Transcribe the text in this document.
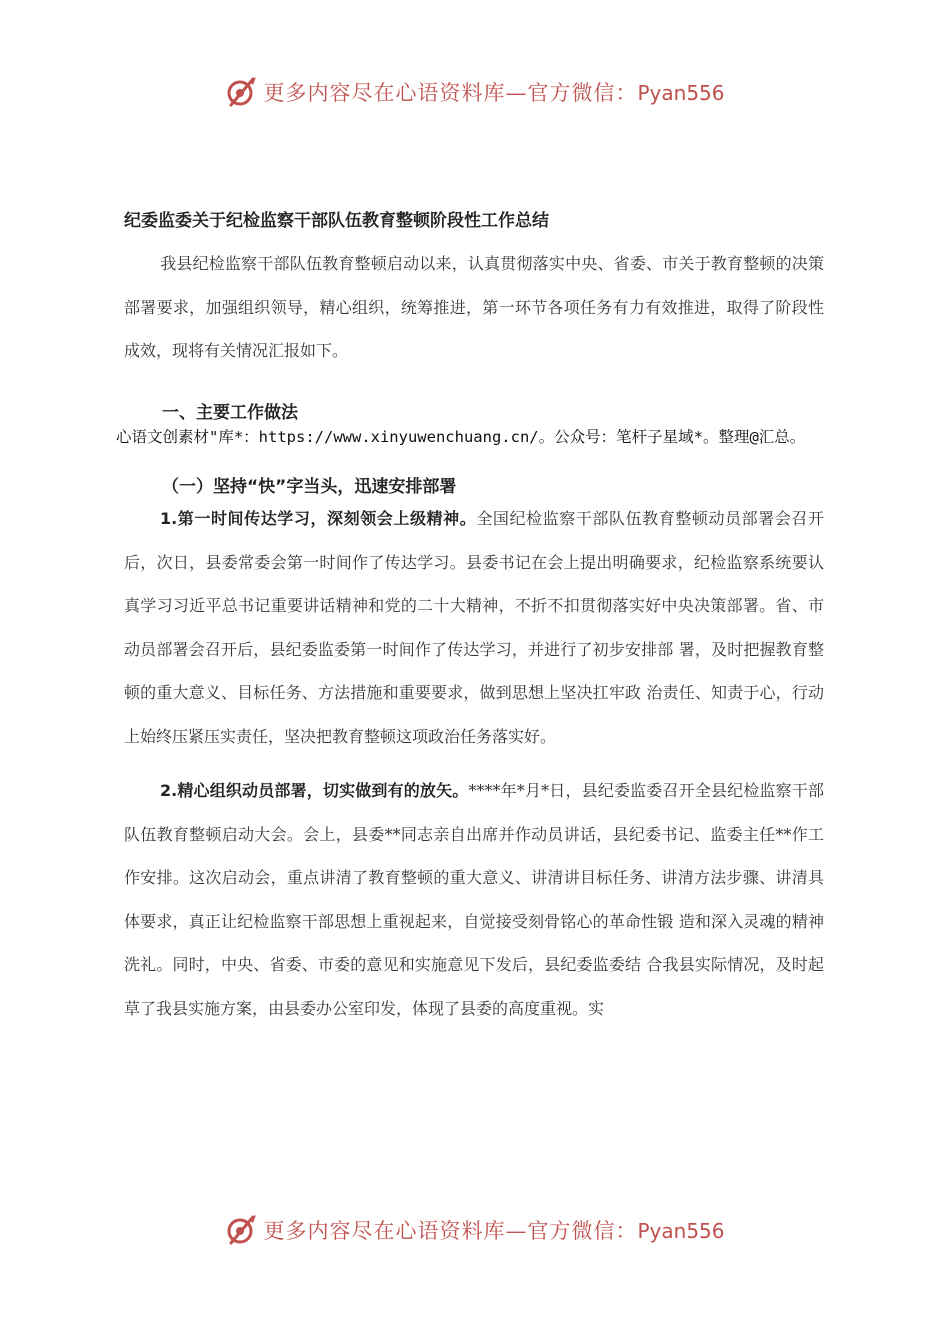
更多内容尽在心语资料库—官方微信：Pyan556
纪委监委关于纪检监察干部队伍教育整顿阶段性工作总结

我县纪检监察干部队伍教育整顿启动以来，认真贯彻落实中央、省委、市关于教育整顿的决策部署要求，加强组织领导，精心组织，统筹推进，第一环节各项任务有力有效推进，取得了阶段性成效，现将有关情况汇报如下。

一、主要工作做法
心语文创素材"库*：https://www.xinyuwenchuang.cn/。公众号：笔杆子星域*。整理@汇总。
（一）坚持“快”字当头，迅速安排部署

1.第一时间传达学习，深刻领会上级精神。全国纪检监察干部队伍教育整顿动员部署会召开后，次日，县委常委会第一时间作了传达学习。县委书记在会上提出明确要求，纪检监察系统要认真学习习近平总书记重要讲话精神和党的二十大精神，不折不扣贯彻落实好中央决策部署。省、市动员部署会召开后，县纪委监委第一时间作了传达学习，并进行了初步安排部 署，及时把握教育整顿的重大意义、目标任务、方法措施和重要要求，做到思想上坚决扛牢政 治责任、知责于心，行动上始终压紧压实责任，坚决把教育整顿这项政治任务落实好。

2.精心组织动员部署，切实做到有的放矢。****年*月*日，县纪委监委召开全县纪检监察干部队伍教育整顿启动大会。会上，县委**同志亲自出席并作动员讲话，县纪委书记、监委主任**作工作安排。这次启动会，重点讲清了教育整顿的重大意义、讲清讲目标任务、讲清方法步骤、讲清具体要求，真正让纪检监察干部思想上重视起来，自觉接受刻骨铭心的革命性锻 造和深入灵魂的精神洗礼。同时，中央、省委、市委的意见和实施意见下发后，县纪委监委结 合我县实际情况，及时起草了我县实施方案，由县委办公室印发，体现了县委的高度重视。实

更多内容尽在心语资料库—官方微信：Pyan556
